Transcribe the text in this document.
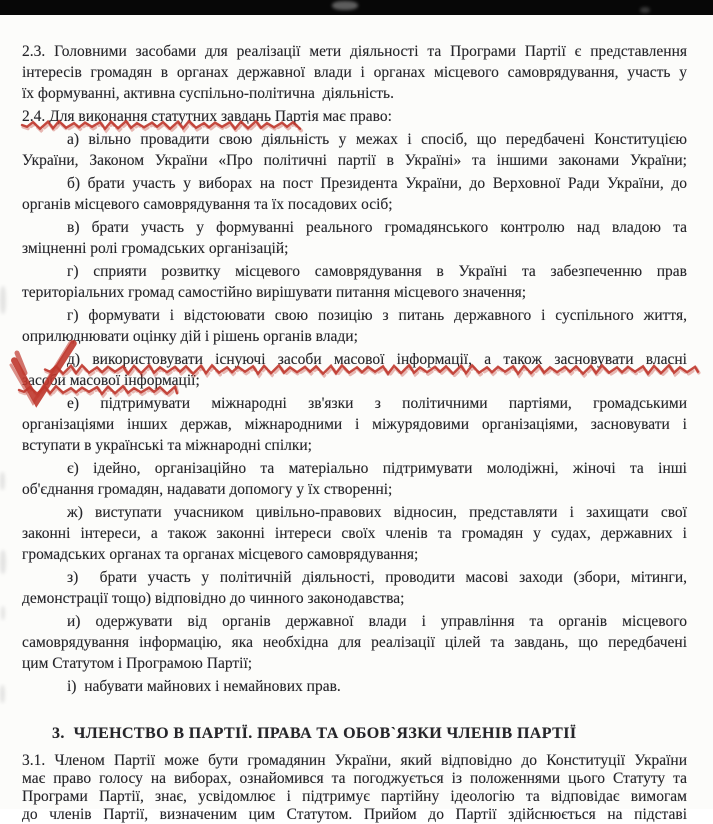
2.3. Головними засобами для реалізації мети діяльності та Програми Партії є представлення
інтересів громадян в органах державної влади і органах місцевого самоврядування, участь у
їх формуванні, активна суспільно-політична  діяльність.
2.4. Для виконання статутних завдань Партія має право:
а) вільно провадити свою діяльність у межах і спосіб, що передбачені Конституцією
України, Законом України «Про політичні партії в Україні» та іншими законами України;
б) брати участь у виборах на пост Президента України, до Верховної Ради України, до
органів місцевого самоврядування та їх посадових осіб;
в) брати участь у формуванні реального громадянського контролю над владою та
зміцненні ролі громадських організацій;
г) сприяти розвитку місцевого самоврядування в Україні та забезпеченню прав
територіальних громад самостійно вирішувати питання місцевого значення;
г) формувати і відстоювати свою позицію з питань державного і суспільного життя,
оприлюднювати оцінку дій і рішень органів влади;
д) використовувати існуючі засоби масової інформації, а також засновувати власні
засоби масової інформації;
е) підтримувати міжнародні зв'язки з політичними партіями, громадськими
організаціями інших держав, міжнародними і міжурядовими організаціями, засновувати і
вступати в українські та міжнародні спілки;
є) ідейно, організаційно та матеріально підтримувати молодіжні, жіночі та інші
об'єднання громадян, надавати допомогу у їх створенні;
ж) виступати учасником цивільно-правових відносин, представляти і захищати свої
законні інтереси, а також законні інтереси своїх членів та громадян у судах, державних і
громадських органах та органах місцевого самоврядування;
з)  брати участь у політичній діяльності, проводити масові заходи (збори, мітинги,
демонстрації тощо) відповідно до чинного законодавства;
и) одержувати від органів державної влади і управління та органів місцевого
самоврядування інформацію, яка необхідна для реалізації цілей та завдань, що передбачені
цим Статутом і Програмою Партії;
і)  набувати майнових і немайнових прав.
3.  ЧЛЕНСТВО В ПАРТІЇ. ПРАВА ТА ОБОВ`ЯЗКИ ЧЛЕНІВ ПАРТІЇ
3.1. Членом Партії може бути громадянин України, який відповідно до Конституції України
має право голосу на виборах, ознайомився та погоджується із положеннями цього Статуту та
Програми Партії, знає, усвідомлює і підтримує партійну ідеологію та відповідає вимогам
до членів Партії, визначеним цим Статутом. Прийом до Партії здійснюється на підставі
